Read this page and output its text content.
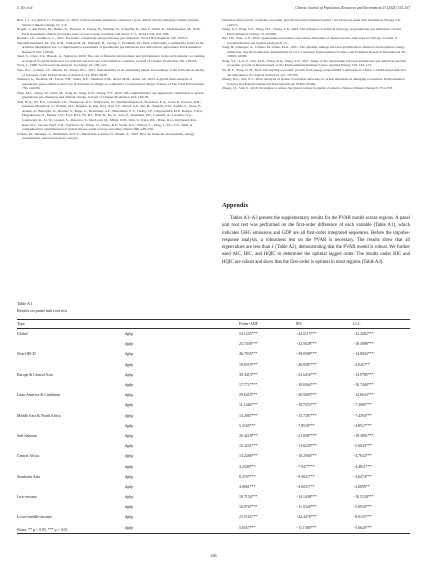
C. Ke et al.	Chinese Journal of Population, Resources and Environment 23 (2025) 153–167

Ren, J. L., Le Quéré, C., Forgione, A., 2019. Carbon dioxide emissions continue to grow amidst slowly emerging climate policies. Nature Climate Change 10, 3–6.

Rogelj, J., den Elzen, M., Höhne, N., Fransen, T., Fekete, H., Winkler, H., Schaeffer, R., Sha, F., Riahi, K., Meinshausen, M., 2016. Paris Agreement climate proposals need a boost to keep warming well below 2 °C. Nature 534, 631–639.

Romero, J.P., Gramkow, C., 2021. Economic complexity and greenhouse gas emissions. World Development 139, 105317.

SaberKhanehSerei, M., Yaj, K.M., Vadiollahi, M., Esmaeili, H., Chong, J., Ebrahimi, M., 2024. Cultivating a sustainable future in the artificial intelligence era: a comprehensive assessment of greenhouse gas emissions and removals in agriculture. Environmental Research 250, 118528.

Saud, S., Chen, S.S., Haseeb, A., Sumayya, 2020. The role of financial development and globalization in the environment: accounting ecological footprint indicators for selected one-belt-one-road initiative countries. Journal of Cleaner Production 250, 119518.

Scott, J., 1988. Social network analysis. Sociology 22, 109–127.

Seto, K.C., Golden, J.S., Alberti, M., Turner, B.L., 2017. Sustainability in an urbanizing planet. Proceedings of the National Academy of Sciences of the United States of America 114, 8935–8938.

Shahzad, A., Shahbaz, M., Ferrer, T.H., Sadiq, N.E., Shahzad, S.M., Afzal, M.M., Azhar, M., 2023. A global meta-analysis of greenhouse gases emission and crop yield under no-tillage as compared to conventional tillage. Science of The Total Environment 756, 142299.

Shen, M.C., Wang, W., Chen, M., Jiang, R., Song, Z.W., Zhang, Y.Y., 2020. Off-complementary use-dependent contribution to global greenhouse gas emissions and climate change. Journal of Cleaner Production 254, 120138.

Tian, H.Q., Xu, R.T., Canadell, J.G., Thompson, R.L., Winiwarter, W., Suntharalingam, P., Davidson, E.A., Ciais, P., Jackson, R.B., Janssens-Maenhout, G., Prather, M.J., Regnier, P., Pan, N.Q., Pan, S.F., Peters, G.P., Shi, H., Tubiello, F.N., Zaehle, S., Zhou, F., Arneth, A., Battaglia, G., Berthet, S., Bopp, L., Bouwman, A.F., Buitenhuis, E.T., Chang, J.F., Chipperfield, M.P., Dangal, S.R.S., Dlugokencky, E., Elkins, J.W., Eyre, B.D., Fu, B.J., Hall, B., Ito, A., Joos, F., Krummel, P.B., Landolfi, A., Laruelle, G.G., Lauerwald, R., Li, W., Lienert, S., Maavara, T., MacLeod, M., Millet, D.B., Olin, S., Patra, P.K., Prinn, R.G., Raymond, P.A., Ruiz, D.J., van der Werf, G.R., Vuichard, N., Wang, J.J., Weiss, R.F., Wells, K.C., Wilson, C., Yang, J., Yao, Y.Z., 2020. A comprehensive quantification of global nitrous oxide sources and sinks. Nature 586, 248–256.

Usman, M., Jahanger, A., Makhdum, M.S.A., Balsalobre-Lorente, D., Bashir, A., 2022. How do financial development, energy consumption, natural resources, and glo-

balization affect Arctic countries' economic growth and environmental quality? An advanced panel data simulation. Energy 241, 122515.

Wang, G.J., Feng, G.F., Wang, H.J., Chang, C.P., 2022. The influence of political ideology on greenhouse gas emissions. Global Environmental Change 74, 102496.

Xie, J.H., Xiao, Z.Y., 2024. Spatiotemporal patterns and carbon emissions of shared-electric-bike trips in Chicago. Journal of Geoinformation and Spatial Analysis 8, 13.

Yang, B., Jahanger, A., Usman, M., Khan, M.A., 2021. The dynamic linkage between globalization, financial development, energy utilization, and environmental sustainability in GCC countries. Environmental Science and Pollution Research International 28, 16568–16588.

Yang, S.C., Lou, F., Sun, M.X., Wang, R.Q., Wang, Y.T., 2017. Study of the relationship between greenhouse gas emissions and the economic growth of Russia based on the Environmental Kuznets Curve. Applied Energy 193, 162–173.

Yu, B. L., Fang, D. B., 2021. Decoupling economic growth from energy-related PM2.5 emissions in China: a GDM-based indicator decomposition. Ecological Indicators 127, 107795.

Zhang, D.G., Xie, X.J., 2022. Analysis of spatial correlation networks of carbon emissions in emerging economies. Environmental Science and Pollution Research International 29, 87465–87482.

Zheng, J.J., Suh, S., 2019. Strategies to reduce the global carbon footprint of plastics. Nature Climate Change 9, 374–378.

Appendix

Tables A1–A3 present the supplementary results for the PVAR model across regions. A panel unit root test was performed on the first-order difference of each variable (Table A1), which indicates GHG emissions and GDP are all first-order integrated sequences. Before the impulse-response analysis, a robustness test on the PVAR is necessary. The results show that all eigenvalues are less than 1 (Table A2), demonstrating that the PVAR model is robust. We further used AIC, BIC, and HQIC to determine the optimal lagged order. The results under BIC and HQIC are robust and show that the first-order is optimal in most regions (Table A3).

Table A1
Results on panel unit root test
Type		Fisher-ADF	IPS	LLC
Global	dghg	54.1255***	−44.0115***	−22.4282***
	dgdp	25.7430***	−32.5028***	−10.3098***
Non-OECD	dghg	46.7935***	−39.0588***	−14.0943***
	dgdp	18.8319***	−26.9587***	−2.0257**
Europe & Central Asia	dghg	30.3413***	−23.6416***	−13.9785***
	dgdp	17.7717***	−18.0362***	−10.7440***
Latin America & Caribbean	dghg	29.6410***	−20.5005***	−12.6633***
	dgdp	11.1446***	−18.7553***	−7.3005***
Middle East & North Africa	dghg	13.2067***	−13.7287***	−7.4394***
	dgdp	5.3160***	−7.8518***	−4.8517***
Sub-Saharan	dghg	26.4218***	−21.8387***	−19.3901***
	dgdp	10.4231***	−13.8220***	−5.6033***
Central Africa	dghg	13.2268***	−10.2566***	−4.7632***
	dgdp	4.2549***	−7.9477***	−4.4811***
Southeast Asia	dghg	8.3707***	−9.5031***	−3.6474***
	dgdp	4.0061***	−4.6031***	−2.0695**
Low-income	dghg	18.7154***	−14.1438***	−10.5128***
	dgdp	10.0767***	−11.0326***	−5.6910***
Lower-middle-income	dghg	23.5116***	−22.4470***	−8.0131***
	dgdp	5.6557***	−11.1380***	−5.6626***
Notes: ** p < 0.05, *** p < 0.01.
166
